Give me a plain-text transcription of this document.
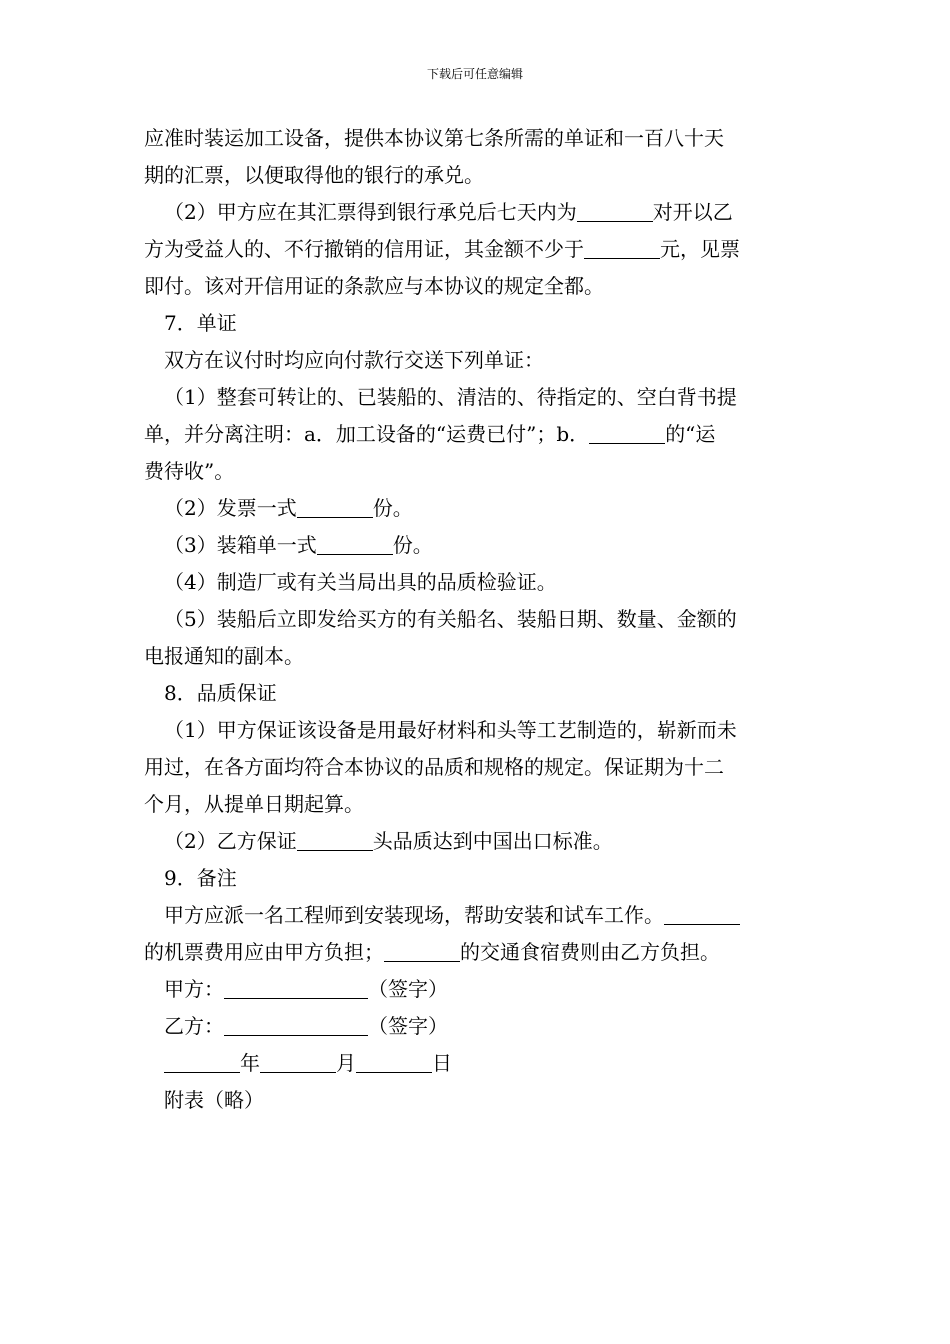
下载后可任意编辑

应准时装运加工设备，提供本协议第七条所需的单证和一百八十天

期的汇票，以便取得他的银行的承兑。

（2）甲方应在其汇票得到银行承兑后七天内为	对开以乙

方为受益人的、不行撤销的信用证，其金额不少于	元，见票

即付。该对开信用证的条款应与本协议的规定全都。

7．单证

双方在议付时均应向付款行交送下列单证：

（1）整套可转让的、已装船的、清洁的、待指定的、空白背书提

单，并分离注明：a．加工设备的“运费已付”；b．	的“运

费待收”。

（2）发票一式	份。

（3）装箱单一式	份。

（4）制造厂或有关当局出具的品质检验证。

（5）装船后立即发给买方的有关船名、装船日期、数量、金额的

电报通知的副本。

8．品质保证

（1）甲方保证该设备是用最好材料和头等工艺制造的，崭新而未

用过，在各方面均符合本协议的品质和规格的规定。保证期为十二

个月，从提单日期起算。

（2）乙方保证	头品质达到中国出口标准。

9．备注

甲方应派一名工程师到安装现场，帮助安装和试车工作。

的机票费用应由甲方负担；	的交通食宿费则由乙方负担。

甲方：	（签字）

乙方：	（签字）

年	月	日

附表（略）
